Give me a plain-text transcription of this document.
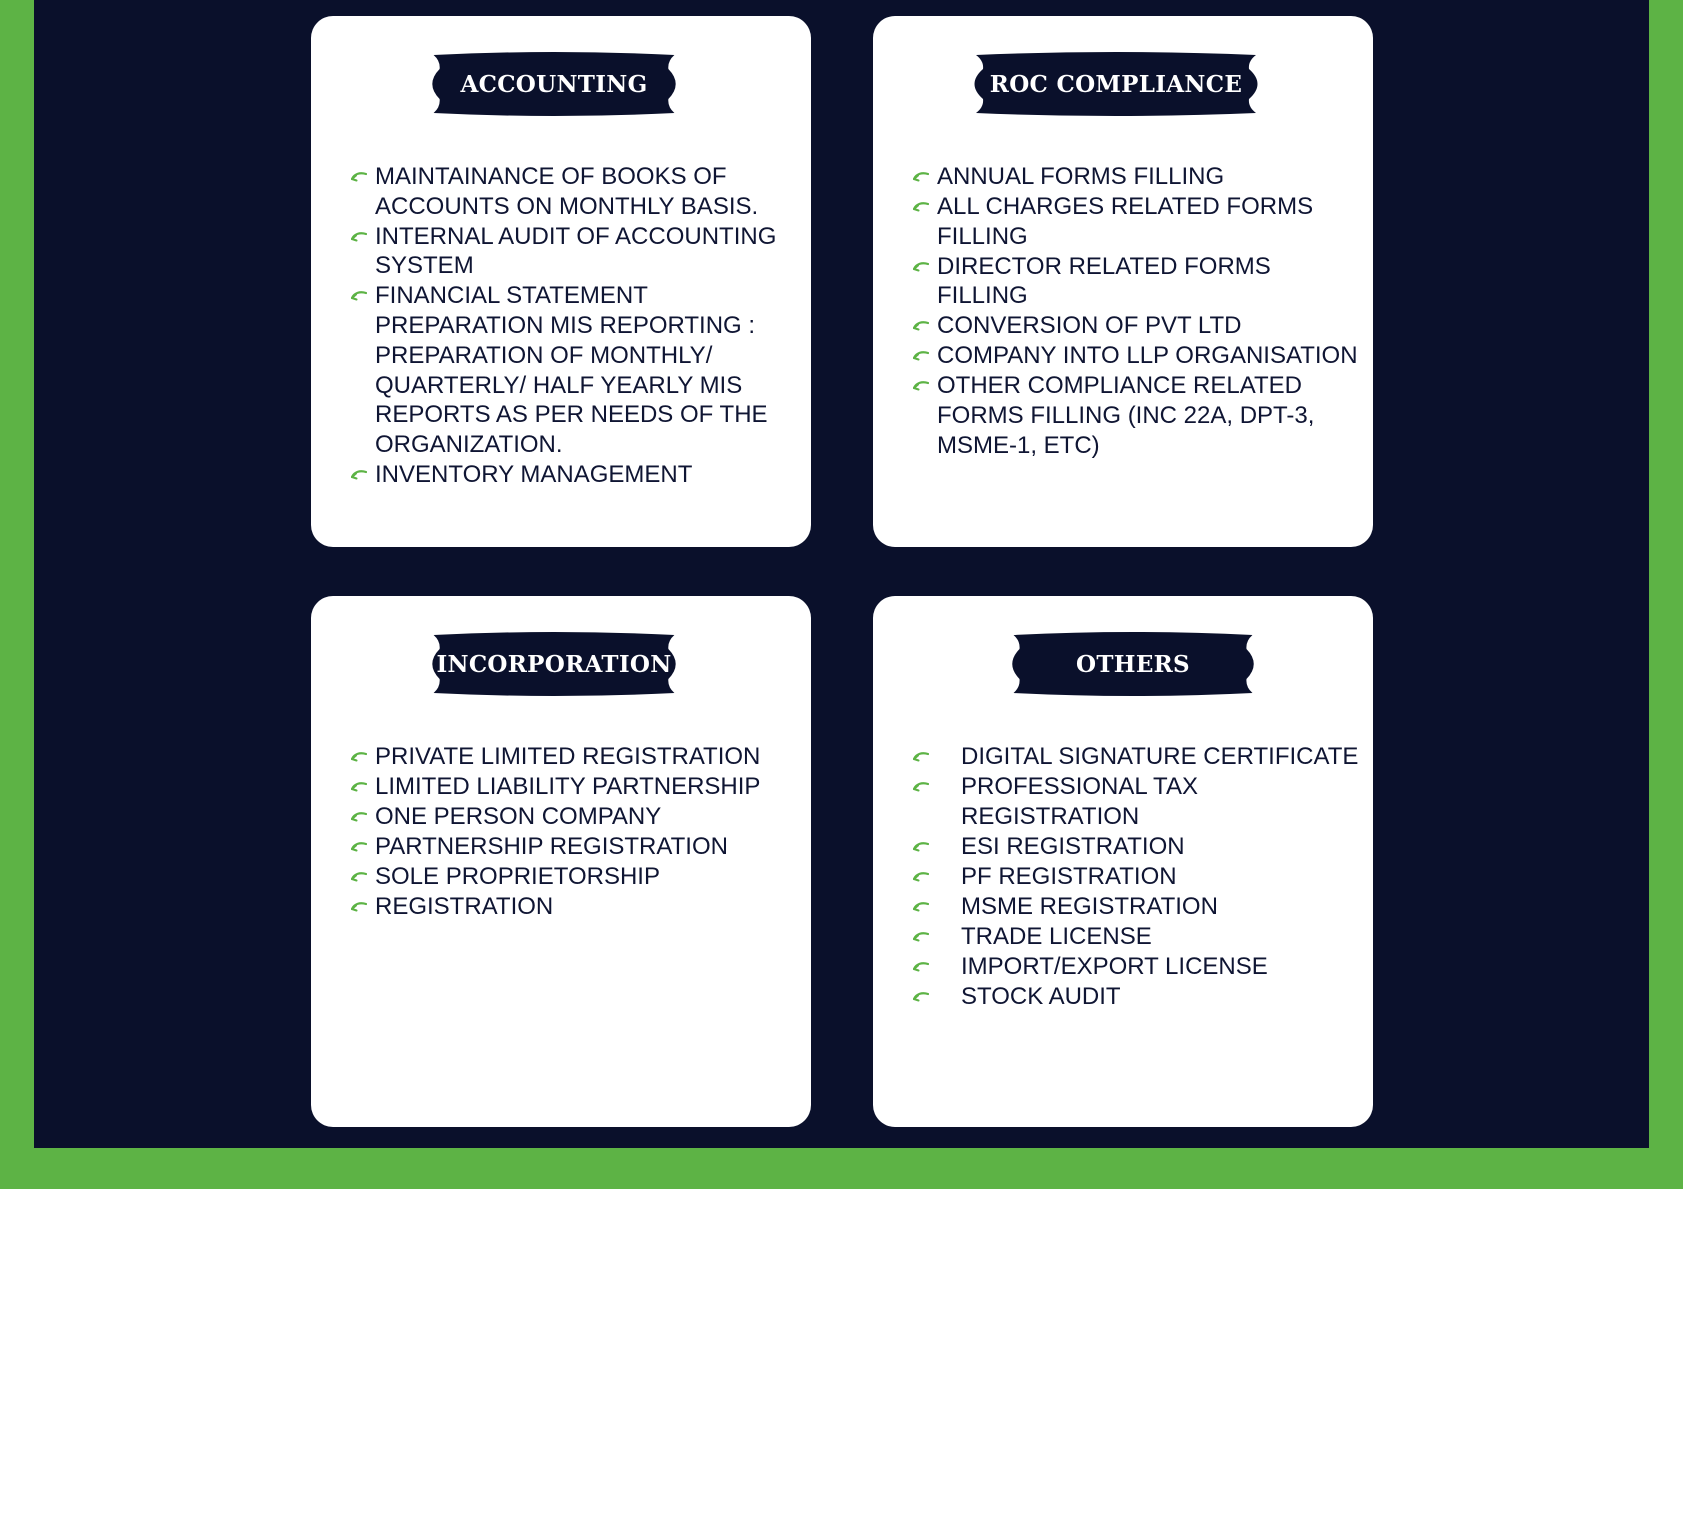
ACCOUNTING
MAINTAINANCE OF BOOKS OF ACCOUNTS ON MONTHLY BASIS.
INTERNAL AUDIT OF ACCOUNTING SYSTEM
FINANCIAL STATEMENT PREPARATION MIS REPORTING : PREPARATION OF MONTHLY/ QUARTERLY/ HALF YEARLY MIS REPORTS AS PER NEEDS OF THE ORGANIZATION.
INVENTORY MANAGEMENT
ROC COMPLIANCE
ANNUAL FORMS FILLING
ALL CHARGES RELATED FORMS FILLING
DIRECTOR RELATED FORMS FILLING
CONVERSION OF PVT LTD
COMPANY INTO LLP ORGANISATION
OTHER COMPLIANCE RELATED FORMS FILLING (INC 22A, DPT-3, MSME-1, ETC)
INCORPORATION
PRIVATE LIMITED REGISTRATION
LIMITED LIABILITY PARTNERSHIP
ONE PERSON COMPANY
PARTNERSHIP REGISTRATION
SOLE PROPRIETORSHIP
REGISTRATION
OTHERS
DIGITAL SIGNATURE CERTIFICATE
PROFESSIONAL TAX REGISTRATION
ESI REGISTRATION
PF REGISTRATION
MSME REGISTRATION
TRADE LICENSE
IMPORT/EXPORT LICENSE
STOCK AUDIT
